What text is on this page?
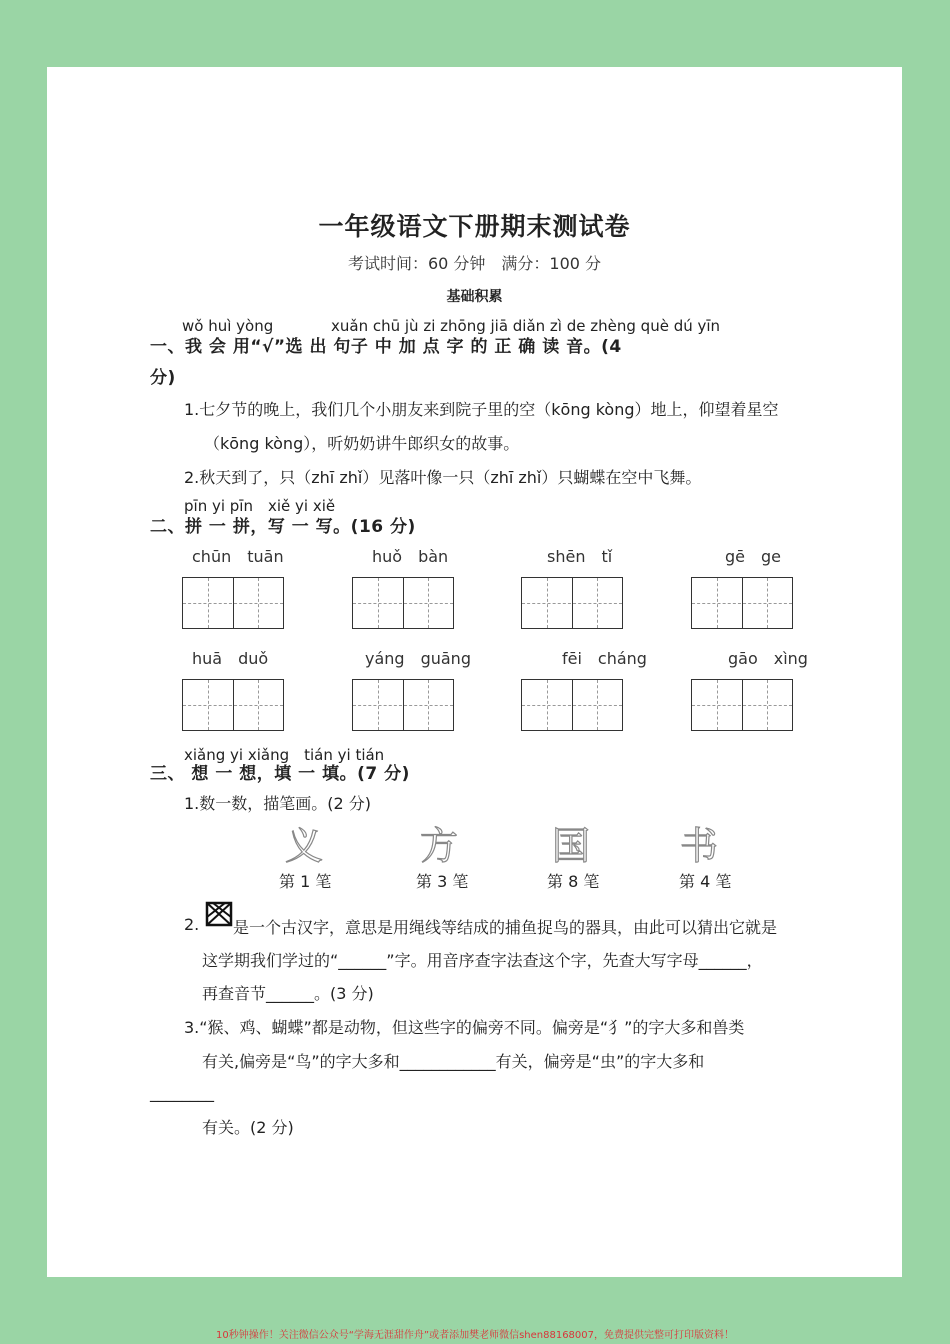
一年级语文下册期末测试卷
考试时间：60 分钟　满分：100 分
基础积累
wǒ huì yòng	xuǎn chū jù zi zhōng jiā diǎn zì de zhèng què dú yīn
一、我 会 用“√”选 出 句子 中 加 点 字 的 正 确 读 音。(4
分)
1.七夕节的晚上，我们几个小朋友来到院子里的空（kōng kòng）地上，仰望着星空
（kōng kòng），听奶奶讲牛郎织女的故事。
2.秋天到了，只（zhī zhǐ）见落叶像一只（zhī zhǐ）只蝴蝶在空中飞舞。
pīn yi pīn　xiě yi xiě
二、拼 一 拼，写 一 写。(16 分)
chūn　tuān	huǒ　bàn	shēn　tǐ	gē　ge
huā　duǒ	yáng　guāng	fēi　cháng	gāo　xìng
xiǎng yi xiǎng　tián yi tián
三、 想 一 想，填 一 填。(7 分)
1.数一数，描笔画。(2 分)
义	方 国 书
第 1 笔	第 3 笔	第 8 笔	第 4 笔
2. 是一个古汉字，意思是用绳线等结成的捕鱼捉鸟的器具，由此可以猜出它就是
这学期我们学过的“______”字。用音序查字法查这个字，先查大写字母______，
再查音节______。(3 分)
3.“猴、鸡、蝴蝶”都是动物，但这些字的偏旁不同。偏旁是“犭”的字大多和兽类
有关,偏旁是“鸟”的字大多和____________有关，偏旁是“虫”的字大多和
________
有关。(2 分)
10秒钟操作！关注微信公众号“学海无涯甜作舟”或者添加樊老师微信shen88168007，免费提供完整可打印版资料！
